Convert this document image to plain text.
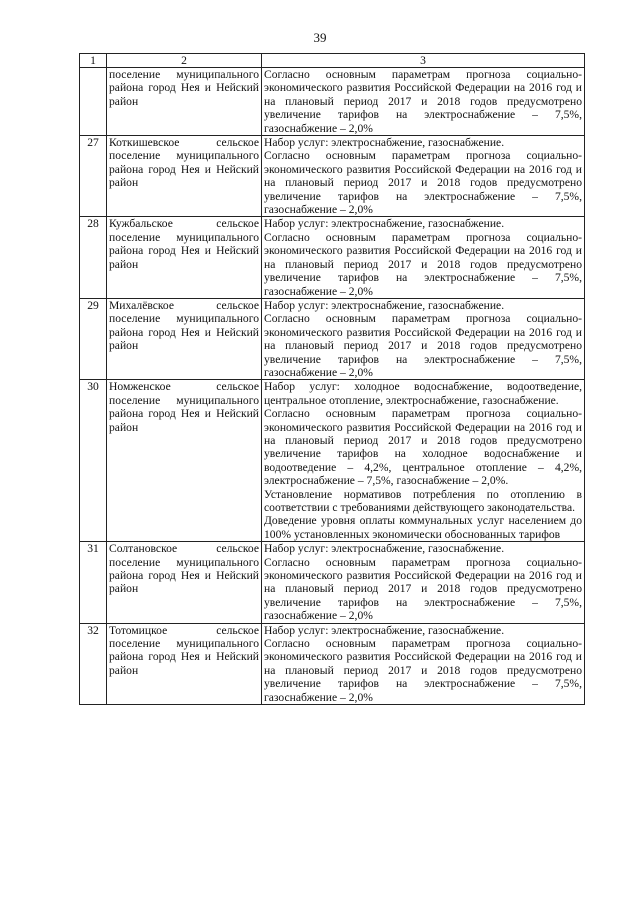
39
1	2	3
	поселение муниципального района город Нея и Нейский район	Согласно основным параметрам прогноза социально-экономического развития Российской Федерации на 2016 год и на плановый период 2017 и 2018 годов предусмотрено увеличение тарифов на электроснабжение – 7,5%, газоснабжение – 2,0%

27	Коткишевское сельское поселение муниципального района город Нея и Нейский район	Набор услуг: электроснабжение, газоснабжение.

Согласно основным параметрам прогноза социально-экономического развития Российской Федерации на 2016 год и на плановый период 2017 и 2018 годов предусмотрено увеличение тарифов на электроснабжение – 7,5%, газоснабжение – 2,0%

28	Кужбальское сельское поселение муниципального района город Нея и Нейский район	Набор услуг: электроснабжение, газоснабжение.

Согласно основным параметрам прогноза социально-экономического развития Российской Федерации на 2016 год и на плановый период 2017 и 2018 годов предусмотрено увеличение тарифов на электроснабжение – 7,5%, газоснабжение – 2,0%

29	Михалёвское сельское поселение муниципального района город Нея и Нейский район	Набор услуг: электроснабжение, газоснабжение.

Согласно основным параметрам прогноза социально-экономического развития Российской Федерации на 2016 год и на плановый период 2017 и 2018 годов предусмотрено увеличение тарифов на электроснабжение – 7,5%, газоснабжение – 2,0%

30	Номженское сельское поселение муниципального района город Нея и Нейский район	Набор услуг: холодное водоснабжение, водоотведение, центральное отопление, электроснабжение, газоснабжение.

Согласно основным параметрам прогноза социально-экономического развития Российской Федерации на 2016 год и на плановый период 2017 и 2018 годов предусмотрено увеличение тарифов на холодное водоснабжение и водоотведение – 4,2%, центральное отопление – 4,2%, электроснабжение – 7,5%, газоснабжение – 2,0%.

Установление нормативов потребления по отоплению в соответствии с требованиями действующего законодательства.

Доведение уровня оплаты коммунальных услуг населением до 100% установленных экономически обоснованных тарифов

31	Солтановское сельское поселение муниципального района город Нея и Нейский район	Набор услуг: электроснабжение, газоснабжение.

Согласно основным параметрам прогноза социально-экономического развития Российской Федерации на 2016 год и на плановый период 2017 и 2018 годов предусмотрено увеличение тарифов на электроснабжение – 7,5%, газоснабжение – 2,0%

32	Тотомицкое сельское поселение муниципального района город Нея и Нейский район	Набор услуг: электроснабжение, газоснабжение.

Согласно основным параметрам прогноза социально-экономического развития Российской Федерации на 2016 год и на плановый период 2017 и 2018 годов предусмотрено увеличение тарифов на электроснабжение – 7,5%, газоснабжение – 2,0%
